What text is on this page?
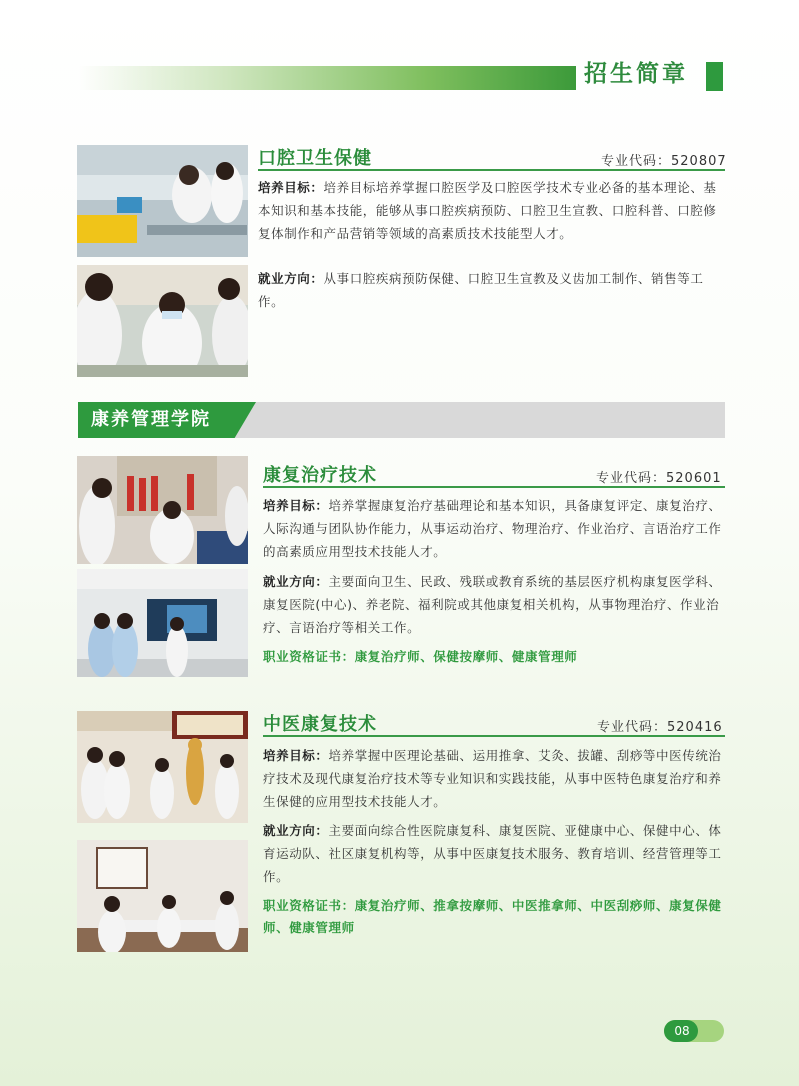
招生简章
口腔卫生保健	专业代码：520807
培养目标：培养目标培养掌握口腔医学及口腔医学技术专业必备的基本理论、基本知识和基本技能，能够从事口腔疾病预防、口腔卫生宣教、口腔科普、口腔修复体制作和产品营销等领域的高素质技术技能型人才。
就业方向：从事口腔疾病预防保健、口腔卫生宣教及义齿加工制作、销售等工作。
康养管理学院
康复治疗技术	专业代码：520601
培养目标：培养掌握康复治疗基础理论和基本知识，具备康复评定、康复治疗、人际沟通与团队协作能力，从事运动治疗、物理治疗、作业治疗、言语治疗工作的高素质应用型技术技能人才。
就业方向：主要面向卫生、民政、残联或教育系统的基层医疗机构康复医学科、康复医院(中心)、养老院、福利院或其他康复相关机构，从事物理治疗、作业治疗、言语治疗等相关工作。
职业资格证书：康复治疗师、保健按摩师、健康管理师
中医康复技术	专业代码：520416
培养目标：培养掌握中医理论基础、运用推拿、艾灸、拔罐、刮痧等中医传统治疗技术及现代康复治疗技术等专业知识和实践技能，从事中医特色康复治疗和养生保健的应用型技术技能人才。
就业方向：主要面向综合性医院康复科、康复医院、亚健康中心、保健中心、体育运动队、社区康复机构等，从事中医康复技术服务、教育培训、经营管理等工作。
职业资格证书：康复治疗师、推拿按摩师、中医推拿师、中医刮痧师、康复保健师、健康管理师
08
